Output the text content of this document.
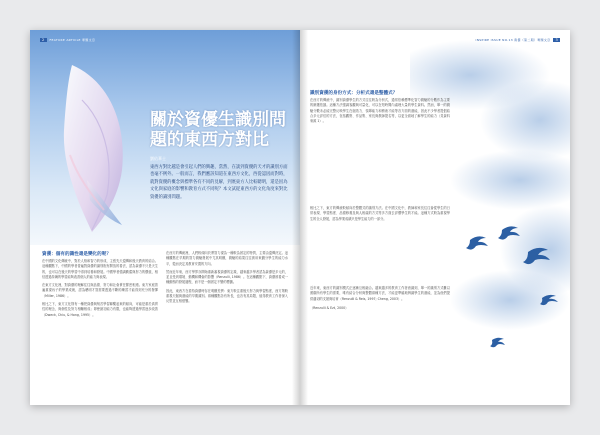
2	FEATURE ARTICLE 專題文章
關於資優生識別問題的東西方對比
劉佑華士
東西方對比越是會引起人們的興趣，當然，在談到資優的天才的識別方面也毫不例外。一般而言，我們應該知道在東西方文化，西從認因而對時，就對資優的概念與標準各有不同的見解，到底東方人比較聰明，還是因為文化與家庭的影響和教育方式不同呢？本文試從東西方的文化角度來對比資優的識別問題。

資優：個有的識性還是變化的呢？

在中國的文化傳統中，對於人格和智力的形成，主張先天遺傳和後天教育的結合。這種觀點下，中國的學者普遍對資優的識別抱有開放的看法，認為資優不只是天生的，也可以在後天的學習中得到培養和發展。中國學者強調勤奮與努力的價值，相信透過持續的學習能夠改善個人的能力與表現。

在東方文化裡，對資優的理解往往與品德、努力和社會責任緊密相連。東方家庭普遍重視孩子的學業成就，認為聰明才智需要透過不斷的練習才能得到充分的發揮（Miller, 1986）。

相比之下，東方文化則有一種把資優與刻苦學習聯繫起來的傾向，可能是重於真實性的理念，與個性及努力相輔相成；即使最初能力有限，也能夠透過學習逐步改善（Dweck, Chiu, & Hong, 1995）。

在西方的傳統裡，人們較傾向於將智力視為一種較為固定的特質，主要由遺傳決定。這種觀點在早期的智力測驗發展中尤其明顯，測驗的結果往往被用來劃分學生的能力水平，從而決定其教育安置的方向。

然而近年來，西方學界亦開始重新審視資優的定義，越來越多學者認為資優是多元的，並且受到環境、動機和機會的影響（Renzulli, 1986）。在這種觀點下，資優被看成一種動態的發展過程，而不是一個固定不變的標籤。

因此，東西方在看待資優時存在明顯差異：東方較注重後天努力與學習態度，西方則較重視天賦與潛能的早期識別。兩種觀點各有所長，也各有其局限，值得教育工作者深入反思並互相借鑒。

INSPIRE ISSUE NO.13 資優（第二期）專題文章	3

識別資優的身份方式：分析式還是整體式？

在西方的傳統中，識別資優學生的方式往往較為分析式，通常依賴標準化智力測驗的分數作為主要的篩選依據。這種方法強調客觀與可量化，可以在短時間內處理大量的學生資料。然而，單一的測驗分數未必能完整反映學生在創造力、領導能力和藝術才能等各方面的潛能，因此不少學者提倡結合多元評估的方法，包括觀察、作品集、家長與教師提名等，以更全面地了解學生的能力（見資料來源 1）。

相比之下，東方的傳統較傾向於整體式的識別方法。在中國文化中，教師和家長往往會從學生的日常表現、學習態度、品德修養及與人相處的方式等多方面去評價學生的才能。這種方式較為重視學生的全人發展，認為學業成績只是學生能力的一部分。

近年來，東西方的識別模式正逐漸互相融合。越來越多的教育工作者意識到，單一的識別方式難以照顧所有學生的需要，唯有結合分析與整體兩種方法，才能更準確地辨識學生的潛能，並為他們提供適切的支援與培育（Renzulli & Reis, 1997; Cheng, 2003）。

（Renzulli & Ezt, 2000）
